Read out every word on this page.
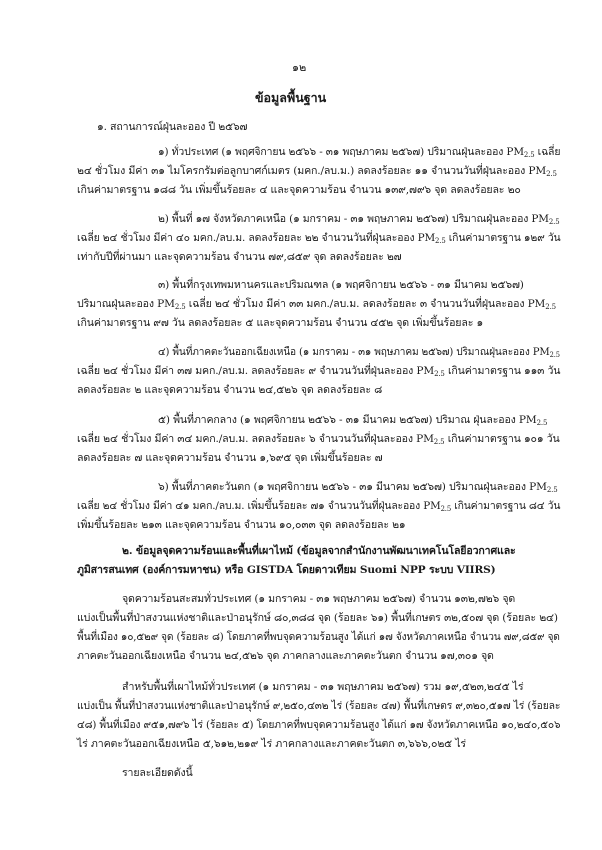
๑๒
ข้อมูลพื้นฐาน
๑. สถานการณ์ฝุ่นละออง ปี ๒๕๖๗
๑) ทั่วประเทศ (๑ พฤศจิกายน ๒๕๖๖ - ๓๑ พฤษภาคม ๒๕๖๗) ปริมาณฝุ่นละออง PM2.5 เฉลี่ย
๒๔ ชั่วโมง มีค่า ๓๑ ไมโครกรัมต่อลูกบาศก์เมตร (มคก./ลบ.ม.) ลดลงร้อยละ ๑๑ จำนวนวันที่ฝุ่นละออง PM2.5
เกินค่ามาตรฐาน ๑๘๘ วัน เพิ่มขึ้นร้อยละ ๔ และจุดความร้อน จำนวน ๑๓๙,๗๙๖ จุด ลดลงร้อยละ ๒๐
๒) พื้นที่ ๑๗ จังหวัดภาคเหนือ (๑ มกราคม - ๓๑ พฤษภาคม ๒๕๖๗) ปริมาณฝุ่นละออง PM2.5
เฉลี่ย ๒๔ ชั่วโมง มีค่า ๔๐ มคก./ลบ.ม. ลดลงร้อยละ ๒๒ จำนวนวันที่ฝุ่นละออง PM2.5 เกินค่ามาตรฐาน ๑๒๙ วัน
เท่ากับปีที่ผ่านมา และจุดความร้อน จำนวน ๗๙,๘๕๙ จุด ลดลงร้อยละ ๒๗
๓) พื้นที่กรุงเทพมหานครและปริมณฑล (๑ พฤศจิกายน ๒๕๖๖ - ๓๑ มีนาคม ๒๕๖๗)
ปริมาณฝุ่นละออง PM2.5 เฉลี่ย ๒๔ ชั่วโมง มีค่า ๓๓ มคก./ลบ.ม. ลดลงร้อยละ ๓ จำนวนวันที่ฝุ่นละออง PM2.5
เกินค่ามาตรฐาน ๙๗ วัน ลดลงร้อยละ ๕ และจุดความร้อน จำนวน ๔๕๒ จุด เพิ่มขึ้นร้อยละ ๑
๔) พื้นที่ภาคตะวันออกเฉียงเหนือ (๑ มกราคม - ๓๑ พฤษภาคม ๒๕๖๗) ปริมาณฝุ่นละออง PM2.5
เฉลี่ย ๒๔ ชั่วโมง มีค่า ๓๗ มคก./ลบ.ม. ลดลงร้อยละ ๙ จำนวนวันที่ฝุ่นละออง PM2.5 เกินค่ามาตรฐาน ๑๑๓ วัน
ลดลงร้อยละ ๒ และจุดความร้อน จำนวน ๒๔,๕๒๖ จุด ลดลงร้อยละ ๘
๕) พื้นที่ภาคกลาง (๑ พฤศจิกายน ๒๕๖๖ - ๓๑ มีนาคม ๒๕๖๗) ปริมาณ ฝุ่นละออง PM2.5
เฉลี่ย ๒๔ ชั่วโมง มีค่า ๓๔ มคก./ลบ.ม. ลดลงร้อยละ ๖ จำนวนวันที่ฝุ่นละออง PM2.5 เกินค่ามาตรฐาน ๑๐๑ วัน
ลดลงร้อยละ ๗ และจุดความร้อน จำนวน ๑,๖๙๕ จุด เพิ่มขึ้นร้อยละ ๗
๖) พื้นที่ภาคตะวันตก (๑ พฤศจิกายน ๒๕๖๖ - ๓๑ มีนาคม ๒๕๖๗) ปริมาณฝุ่นละออง PM2.5
เฉลี่ย ๒๔ ชั่วโมง มีค่า ๔๑ มคก./ลบ.ม. เพิ่มขึ้นร้อยละ ๗๑ จำนวนวันที่ฝุ่นละออง PM2.5 เกินค่ามาตรฐาน ๘๔ วัน
เพิ่มขึ้นร้อยละ ๒๑๓ และจุดความร้อน จำนวน ๑๐,๐๓๓ จุด ลดลงร้อยละ ๒๑
๒. ข้อมูลจุดความร้อนและพื้นที่เผาไหม้ (ข้อมูลจากสำนักงานพัฒนาเทคโนโลยีอวกาศและ
ภูมิสารสนเทศ (องค์การมหาชน) หรือ GISTDA โดยดาวเทียม Suomi NPP ระบบ VIIRS)
จุดความร้อนสะสมทั่วประเทศ (๑ มกราคม - ๓๑ พฤษภาคม ๒๕๖๗) จำนวน ๑๓๒,๗๒๖ จุด
แบ่งเป็นพื้นที่ป่าสงวนแห่งชาติและป่าอนุรักษ์ ๘๐,๓๘๘ จุด (ร้อยละ ๖๑) พื้นที่เกษตร ๓๒,๕๐๗ จุด (ร้อยละ ๒๔)
พื้นที่เมือง ๑๐,๕๒๙ จุด (ร้อยละ ๘) โดยภาคที่พบจุดความร้อนสูง ได้แก่ ๑๗ จังหวัดภาคเหนือ จำนวน ๗๙,๘๕๙ จุด
ภาคตะวันออกเฉียงเหนือ จำนวน ๒๔,๕๒๖ จุด ภาคกลางและภาคตะวันตก จำนวน ๑๗,๓๐๑ จุด
สำหรับพื้นที่เผาไหม้ทั่วประเทศ (๑ มกราคม - ๓๑ พฤษภาคม ๒๕๖๗) รวม ๑๙,๕๒๓,๒๔๕ ไร่
แบ่งเป็น พื้นที่ป่าสงวนแห่งชาติและป่าอนุรักษ์ ๙,๒๕๐,๔๓๒ ไร่ (ร้อยละ ๔๗) พื้นที่เกษตร ๙,๓๒๐,๕๑๗ ไร่ (ร้อยละ
๔๘) พื้นที่เมือง ๙๕๑,๗๙๖ ไร่ (ร้อยละ ๕) โดยภาคที่พบจุดความร้อนสูง ได้แก่ ๑๗ จังหวัดภาคเหนือ ๑๐,๒๔๐,๕๐๖
ไร่ ภาคตะวันออกเฉียงเหนือ ๕,๖๑๒,๒๑๙ ไร่ ภาคกลางและภาคตะวันตก ๓,๖๖๖,๐๒๕ ไร่
รายละเอียดดังนี้
